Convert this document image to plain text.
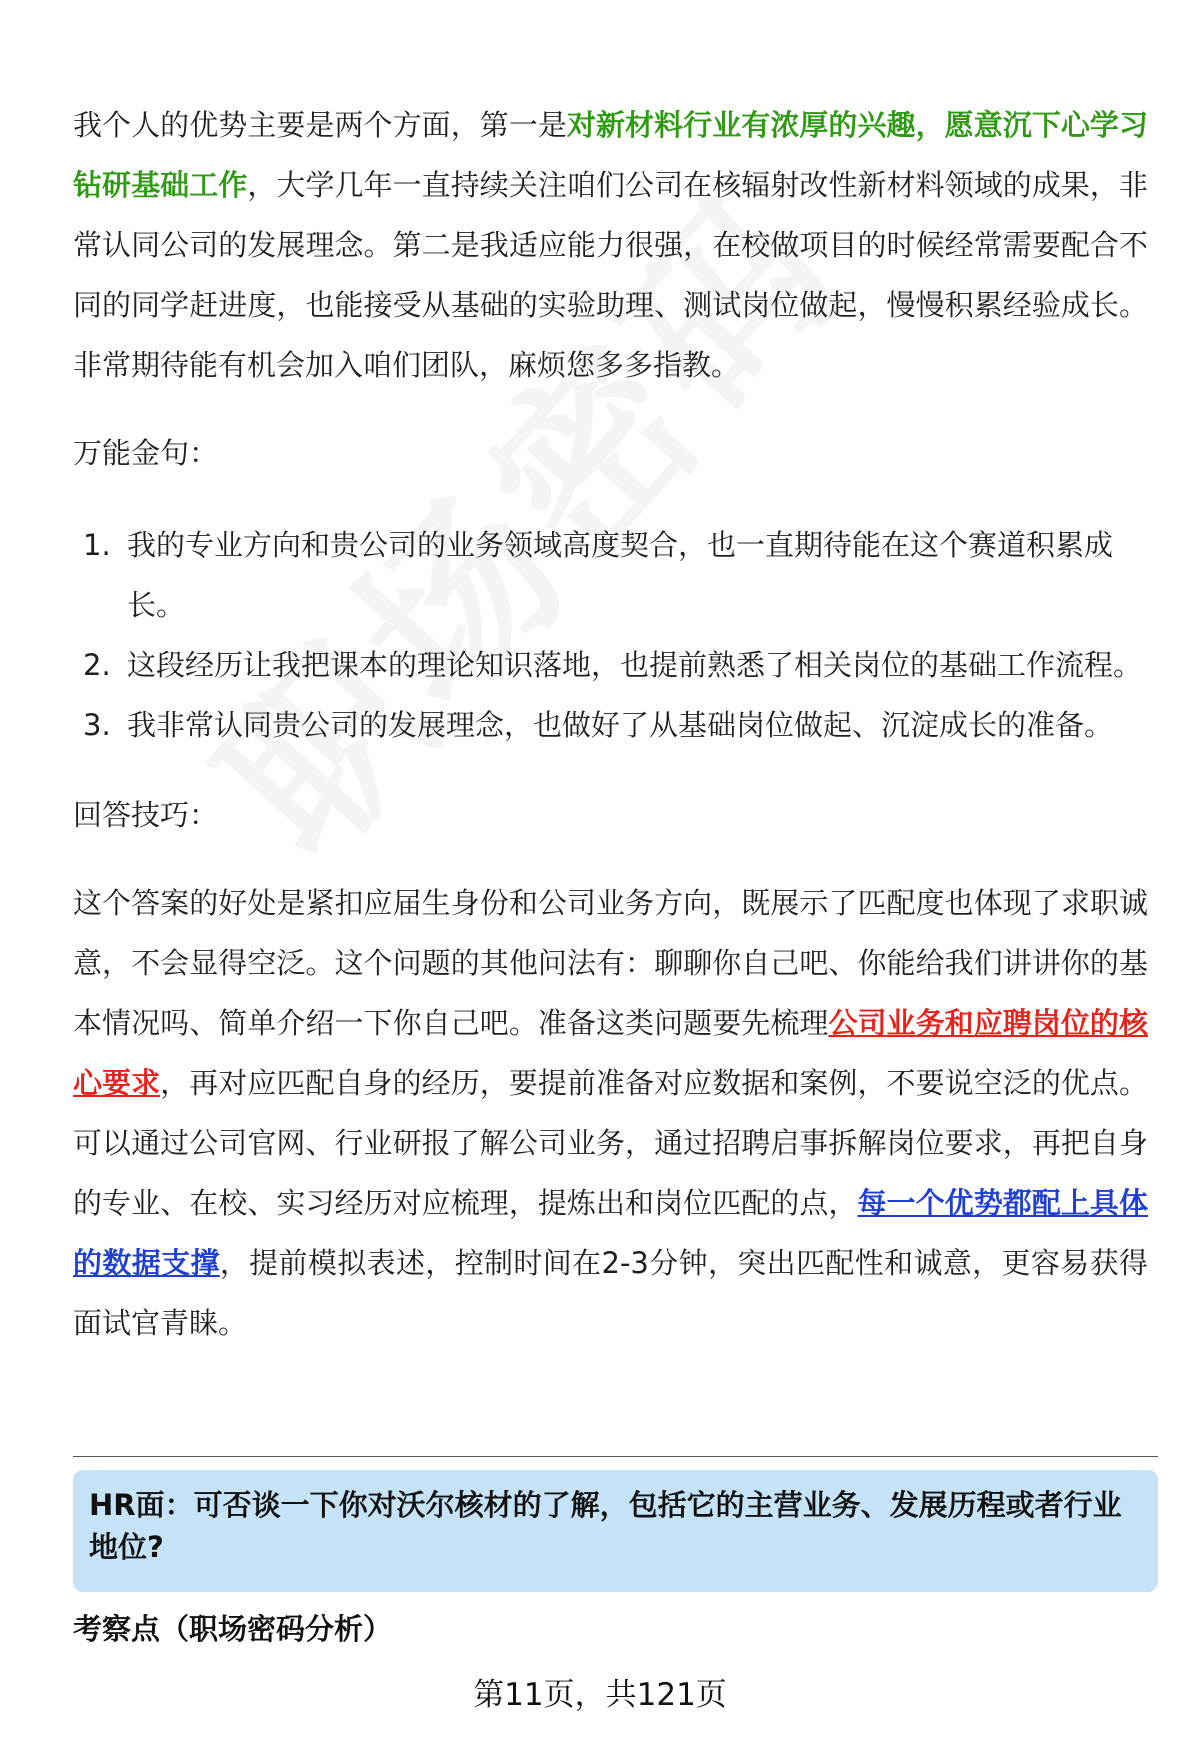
我个人的优势主要是两个方面，第一是对新材料行业有浓厚的兴趣，愿意沉下心学习钻研基础工作，大学几年一直持续关注咱们公司在核辐射改性新材料领域的成果，非常认同公司的发展理念。第二是我适应能力很强，在校做项目的时候经常需要配合不同的同学赶进度，也能接受从基础的实验助理、测试岗位做起，慢慢积累经验成长。非常期待能有机会加入咱们团队，麻烦您多多指教。

万能金句：

1. 我的专业方向和贵公司的业务领域高度契合，也一直期待能在这个赛道积累成长。
2. 这段经历让我把课本的理论知识落地，也提前熟悉了相关岗位的基础工作流程。
3. 我非常认同贵公司的发展理念，也做好了从基础岗位做起、沉淀成长的准备。

回答技巧：

这个答案的好处是紧扣应届生身份和公司业务方向，既展示了匹配度也体现了求职诚意，不会显得空泛。这个问题的其他问法有：聊聊你自己吧、你能给我们讲讲你的基本情况吗、简单介绍一下你自己吧。准备这类问题要先梳理公司业务和应聘岗位的核心要求，再对应匹配自身的经历，要提前准备对应数据和案例，不要说空泛的优点。可以通过公司官网、行业研报了解公司业务，通过招聘启事拆解岗位要求，再把自身的专业、在校、实习经历对应梳理，提炼出和岗位匹配的点，每一个优势都配上具体的数据支撑，提前模拟表述，控制时间在2-3分钟，突出匹配性和诚意，更容易获得面试官青睐。

HR面：可否谈一下你对沃尔核材的了解，包括它的主营业务、发展历程或者行业地位?

考察点（职场密码分析）

第11页，共121页
